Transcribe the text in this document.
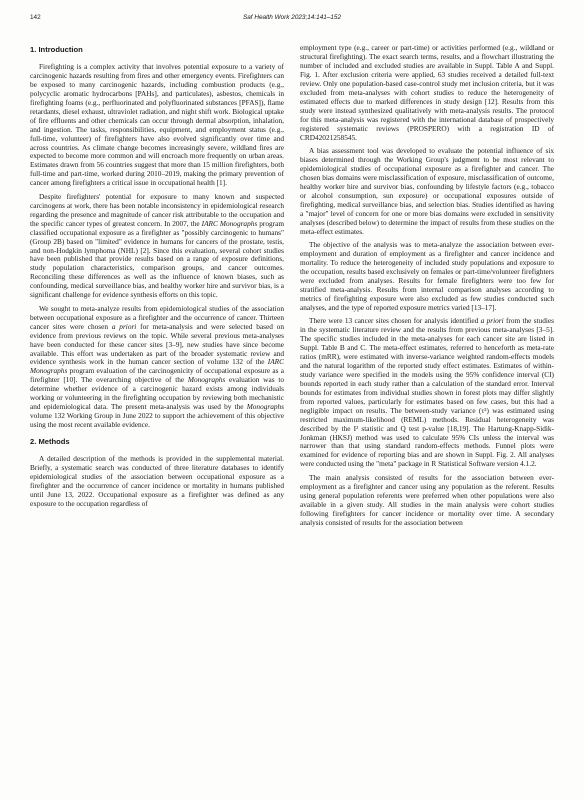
142	Saf Health Work 2023;14:141–152
1. Introduction

Firefighting is a complex activity that involves potential exposure to a variety of carcinogenic hazards resulting from fires and other emergency events. Firefighters can be exposed to many carcinogenic hazards, including combustion products (e.g., polycyclic aromatic hydrocarbons [PAHs], and particulates), asbestos, chemicals in firefighting foams (e.g., perfluorinated and polyfluorinated substances [PFAS]), flame retardants, diesel exhaust, ultraviolet radiation, and night shift work. Biological uptake of fire effluents and other chemicals can occur through dermal absorption, inhalation, and ingestion. The tasks, responsibilities, equipment, and employment status (e.g., full-time, volunteer) of firefighters have also evolved significantly over time and across countries. As climate change becomes increasingly severe, wildland fires are expected to become more common and will encroach more frequently on urban areas. Estimates drawn from 56 countries suggest that more than 15 million firefighters, both full-time and part-time, worked during 2010–2019, making the primary prevention of cancer among firefighters a critical issue in occupational health [1].

Despite firefighters' potential for exposure to many known and suspected carcinogens at work, there has been notable inconsistency in epidemiological research regarding the presence and magnitude of cancer risk attributable to the occupation and the specific cancer types of greatest concern. In 2007, the IARC Monographs program classified occupational exposure as a firefighter as "possibly carcinogenic to humans" (Group 2B) based on "limited" evidence in humans for cancers of the prostate, testis, and non-Hodgkin lymphoma (NHL) [2]. Since this evaluation, several cohort studies have been published that provide results based on a range of exposure definitions, study population characteristics, comparison groups, and cancer outcomes. Reconciling these differences as well as the influence of known biases, such as confounding, medical surveillance bias, and healthy worker hire and survivor bias, is a significant challenge for evidence synthesis efforts on this topic.

We sought to meta-analyze results from epidemiological studies of the association between occupational exposure as a firefighter and the occurrence of cancer. Thirteen cancer sites were chosen a priori for meta-analysis and were selected based on evidence from previous reviews on the topic. While several previous meta-analyses have been conducted for these cancer sites [3–9], new studies have since become available. This effort was undertaken as part of the broader systematic review and evidence synthesis work in the human cancer section of volume 132 of the IARC Monographs program evaluation of the carcinogenicity of occupational exposure as a firefighter [10]. The overarching objective of the Monographs evaluation was to determine whether evidence of a carcinogenic hazard exists among individuals working or volunteering in the firefighting occupation by reviewing both mechanistic and epidemiological data. The present meta-analysis was used by the Monographs volume 132 Working Group in June 2022 to support the achievement of this objective using the most recent available evidence.

2. Methods

A detailed description of the methods is provided in the supplemental material. Briefly, a systematic search was conducted of three literature databases to identify epidemiological studies of the association between occupational exposure as a firefighter and the occurrence of cancer incidence or mortality in humans published until June 13, 2022. Occupational exposure as a firefighter was defined as any exposure to the occupation regardless of

employment type (e.g., career or part-time) or activities performed (e.g., wildland or structural firefighting). The exact search terms, results, and a flowchart illustrating the number of included and excluded studies are available in Suppl. Table A and Suppl. Fig. 1. After exclusion criteria were applied, 63 studies received a detailed full-text review. Only one population-based case-control study met inclusion criteria, but it was excluded from meta-analyses with cohort studies to reduce the heterogeneity of estimated effects due to marked differences in study design [12]. Results from this study were instead synthesized qualitatively with meta-analysis results. The protocol for this meta-analysis was registered with the international database of prospectively registered systematic reviews (PROSPERO) with a registration ID of CRD42021258545.

A bias assessment tool was developed to evaluate the potential influence of six biases determined through the Working Group's judgment to be most relevant to epidemiological studies of occupational exposure as a firefighter and cancer. The chosen bias domains were misclassification of exposure, misclassification of outcome, healthy worker hire and survivor bias, confounding by lifestyle factors (e.g., tobacco or alcohol consumption, sun exposure) or occupational exposures outside of firefighting, medical surveillance bias, and selection bias. Studies identified as having a "major" level of concern for one or more bias domains were excluded in sensitivity analyses (described below) to determine the impact of results from these studies on the meta-effect estimates.

The objective of the analysis was to meta-analyze the association between ever-employment and duration of employment as a firefighter and cancer incidence and mortality. To reduce the heterogeneity of included study populations and exposure to the occupation, results based exclusively on females or part-time/volunteer firefighters were excluded from analyses. Results for female firefighters were too few for stratified meta-analysis. Results from internal comparison analyses according to metrics of firefighting exposure were also excluded as few studies conducted such analyses, and the type of reported exposure metrics varied [13–17].

There were 13 cancer sites chosen for analysis identified a priori from the studies in the systematic literature review and the results from previous meta-analyses [3–5]. The specific studies included in the meta-analyses for each cancer site are listed in Suppl. Table B and C. The meta-effect estimates, referred to henceforth as meta-rate ratios (mRR), were estimated with inverse-variance weighted random-effects models and the natural logarithm of the reported study effect estimates. Estimates of within-study variance were specified in the models using the 95% confidence interval (CI) bounds reported in each study rather than a calculation of the standard error. Interval bounds for estimates from individual studies shown in forest plots may differ slightly from reported values, particularly for estimates based on few cases, but this had a negligible impact on results. The between-study variance (τ²) was estimated using restricted maximum-likelihood (REML) methods. Residual heterogeneity was described by the I² statistic and Q test p-value [18,19]. The Hartung-Knapp-Sidik-Jonkman (HKSJ) method was used to calculate 95% CIs unless the interval was narrower than that using standard random-effects methods. Funnel plots were examined for evidence of reporting bias and are shown in Suppl. Fig. 2. All analyses were conducted using the "meta" package in R Statistical Software version 4.1.2.

The main analysis consisted of results for the association between ever-employment as a firefighter and cancer using any population as the referent. Results using general population referents were preferred when other populations were also available in a given study. All studies in the main analysis were cohort studies following firefighters for cancer incidence or mortality over time. A secondary analysis consisted of results for the association between
